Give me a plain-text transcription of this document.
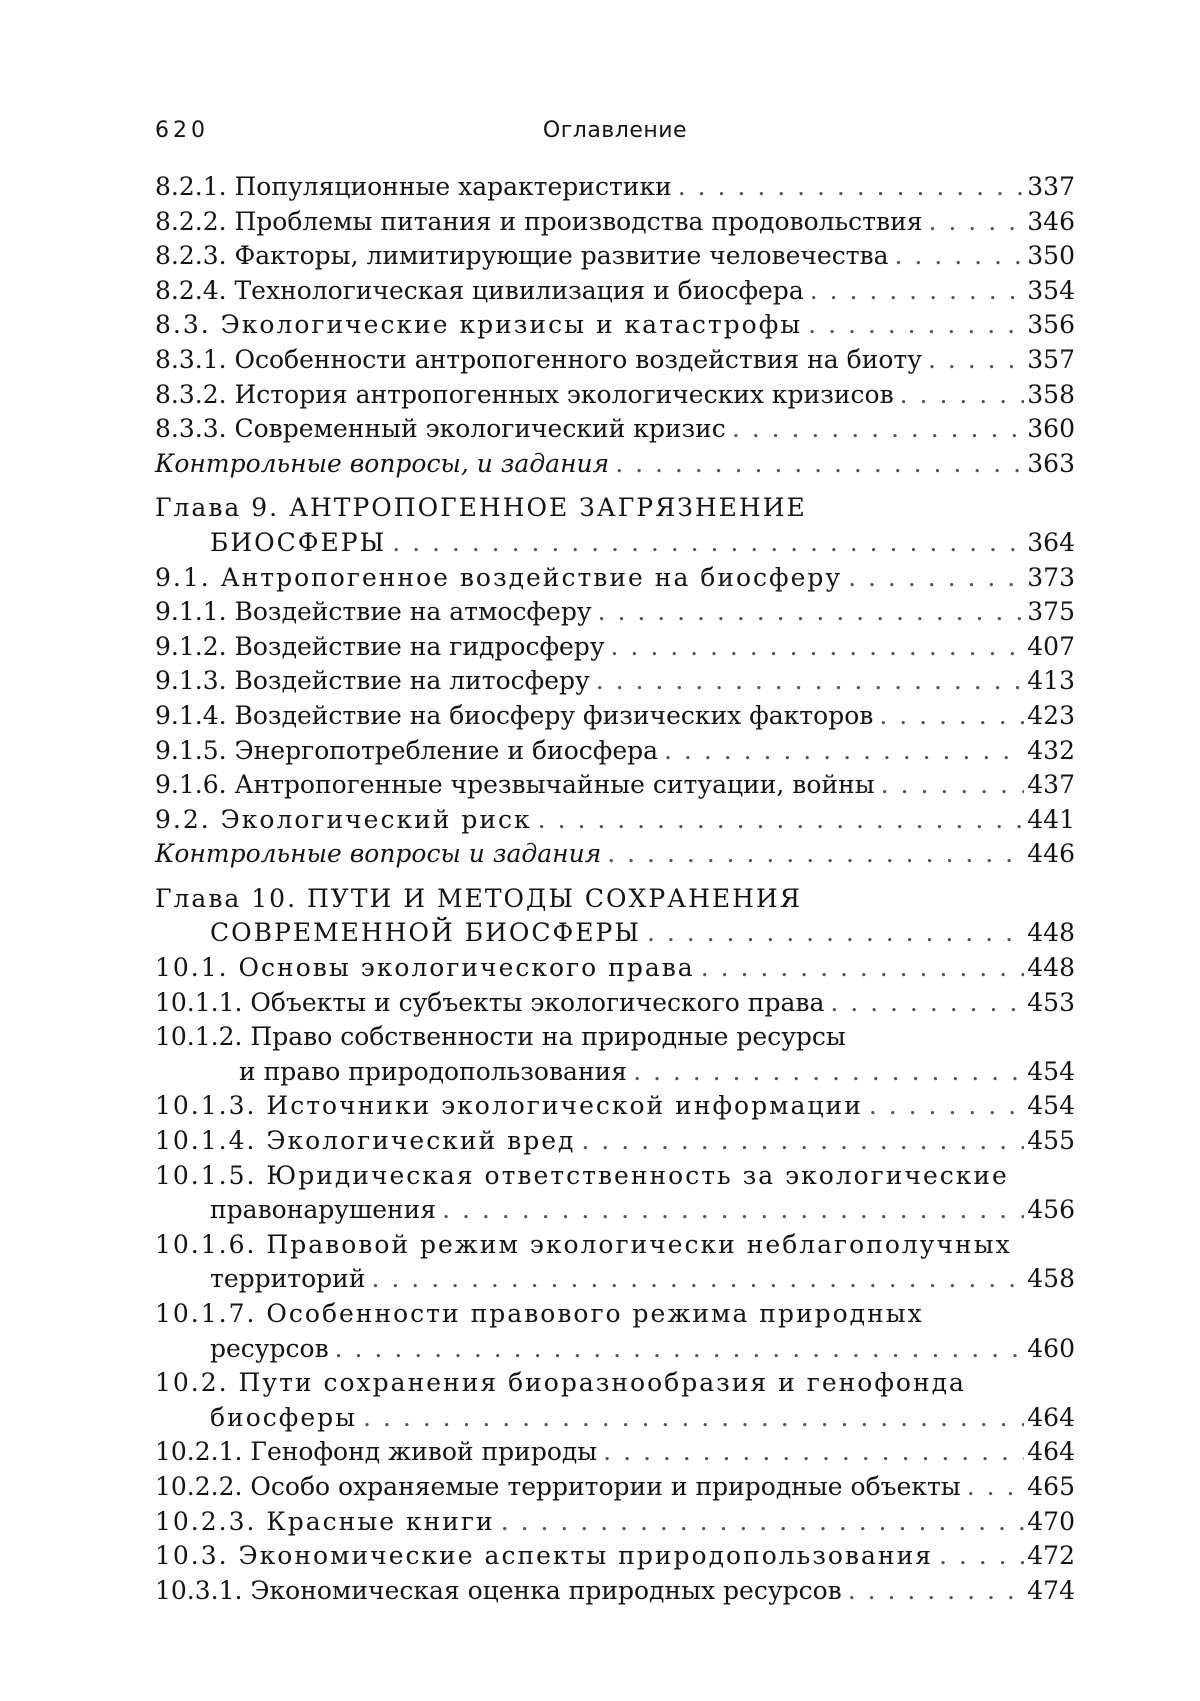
620	Оглавление
8.2.1. Популяционные характеристики . . .	337
8.2.2. Проблемы питания и производства продовольствия . . .	346
8.2.3. Факторы, лимитирующие развитие человечества . . .	350
8.2.4. Технологическая цивилизация и биосфера . . .	354
8.3. Экологические кризисы и катастрофы . . .	356
8.3.1. Особенности антропогенного воздействия на биоту . . .	357
8.3.2. История антропогенных экологических кризисов . . .	358
8.3.3. Современный экологический кризис . . .	360
Контрольные вопросы, и задания . . .	363
Глава 9. АНТРОПОГЕННОЕ ЗАГРЯЗНЕНИЕ
БИОСФЕРЫ . . .	364
9.1. Антропогенное воздействие на биосферу . . .	373
9.1.1. Воздействие на атмосферу . . .	375
9.1.2. Воздействие на гидросферу . . .	407
9.1.3. Воздействие на литосферу . . .	413
9.1.4. Воздействие на биосферу физических факторов . . .	423
9.1.5. Энергопотребление и биосфера . . .	432
9.1.6. Антропогенные чрезвычайные ситуации, войны . . .	437
9.2. Экологический риск . . .	441
Контрольные вопросы и задания . . .	446
Глава 10. ПУТИ И МЕТОДЫ СОХРАНЕНИЯ
СОВРЕМЕННОЙ БИОСФЕРЫ . . .	448
10.1. Основы экологического права . . .	448
10.1.1. Объекты и субъекты экологического права . . .	453
10.1.2. Право собственности на природные ресурсы
и право природопользования . . .	454
10.1.3. Источники экологической информации . . .	454
10.1.4. Экологический вред . . .	455
10.1.5. Юридическая ответственность за экологические
правонарушения . . .	456
10.1.6. Правовой режим экологически неблагополучных
территорий . . .	458
10.1.7. Особенности правового режима природных
ресурсов . . .	460
10.2. Пути сохранения биоразнообразия и генофонда
биосферы . . .	464
10.2.1. Генофонд живой природы . . .	464
10.2.2. Особо охраняемые территории и природные объекты . . .	465
10.2.3. Красные книги . . .	470
10.3. Экономические аспекты природопользования . . .	472
10.3.1. Экономическая оценка природных ресурсов . . .	474
